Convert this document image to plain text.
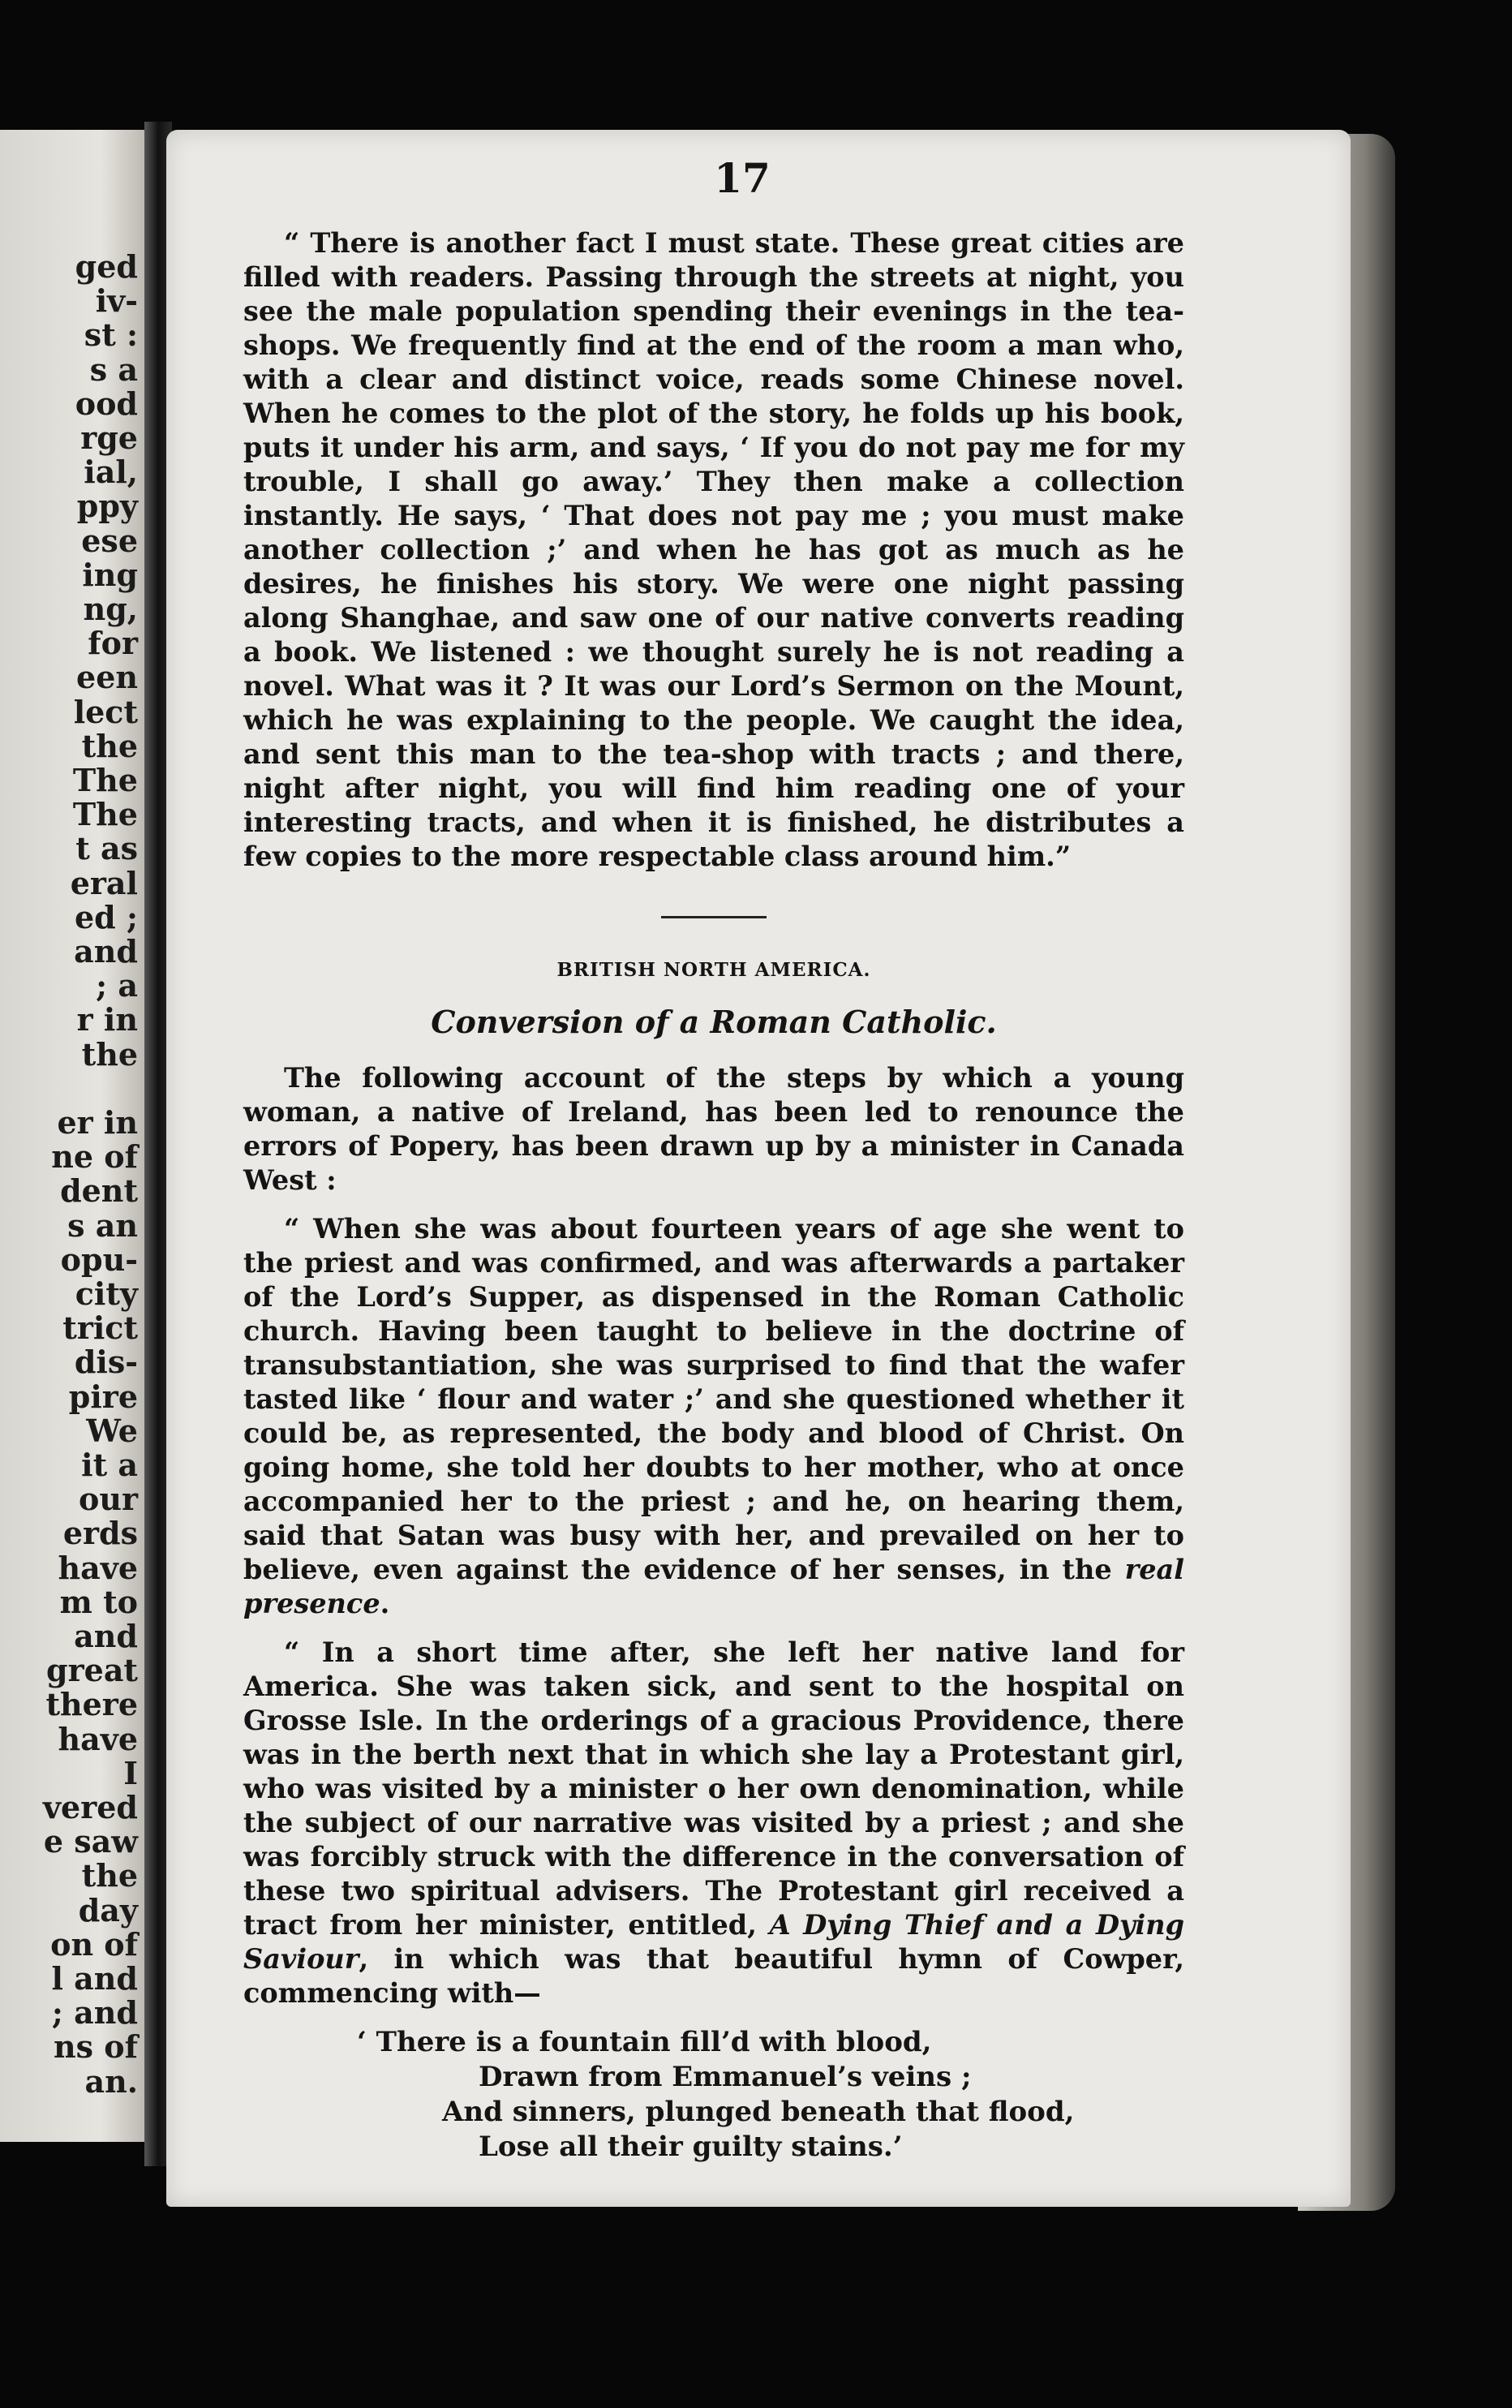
ged
iv-
st :
s a
ood
rge
ial,
ppy
ese
ing
ng,
for
een
lect
the
The
The
t as
eral
ed ;
and
; a
r in
the
er in
ne of
dent
s an
opu-
city
trict
dis-
pire
We
it a
our
erds
have
m to
and
great
there
have
I
vered
e saw
the
day
on of
l and
; and
ns of
an.
17

“ There is another fact I must state. These great cities are filled with readers. Passing through the streets at night, you see the male population spending their evenings in the tea-shops. We frequently find at the end of the room a man who, with a clear and distinct voice, reads some Chinese novel. When he comes to the plot of the story, he folds up his book, puts it under his arm, and says, ‘ If you do not pay me for my trouble, I shall go away.’ They then make a collection instantly. He says, ‘ That does not pay me ; you must make another collection ;’ and when he has got as much as he desires, he finishes his story. We were one night passing along Shanghae, and saw one of our native converts reading a book. We listened : we thought surely he is not reading a novel. What was it ? It was our Lord’s Sermon on the Mount, which he was explaining to the people. We caught the idea, and sent this man to the tea-shop with tracts ; and there, night after night, you will find him reading one of your interesting tracts, and when it is finished, he distributes a few copies to the more respectable class around him.”

BRITISH NORTH AMERICA.
Conversion of a Roman Catholic.

The following account of the steps by which a young woman, a native of Ireland, has been led to renounce the errors of Popery, has been drawn up by a minister in Canada West :

“ When she was about fourteen years of age she went to the priest and was confirmed, and was afterwards a partaker of the Lord’s Supper, as dispensed in the Roman Catholic church. Having been taught to believe in the doctrine of transubstantiation, she was surprised to find that the wafer tasted like ‘ flour and water ;’ and she questioned whether it could be, as represented, the body and blood of Christ. On going home, she told her doubts to her mother, who at once accompanied her to the priest ; and he, on hearing them, said that Satan was busy with her, and prevailed on her to believe, even against the evidence of her senses, in the real presence.

“ In a short time after, she left her native land for America. She was taken sick, and sent to the hospital on Grosse Isle. In the orderings of a gracious Providence, there was in the berth next that in which she lay a Protestant girl, who was visited by a minister o her own denomination, while the subject of our narrative was visited by a priest ; and she was forcibly struck with the difference in the conversation of these two spiritual advisers. The Protestant girl received a tract from her minister, entitled, A Dying Thief and a Dying Saviour, in which was that beautiful hymn of Cowper, commencing with—

‘ There is a fountain fill’d with blood,
Drawn from Emmanuel’s veins ;
And sinners, plunged beneath that flood,
Lose all their guilty stains.’
